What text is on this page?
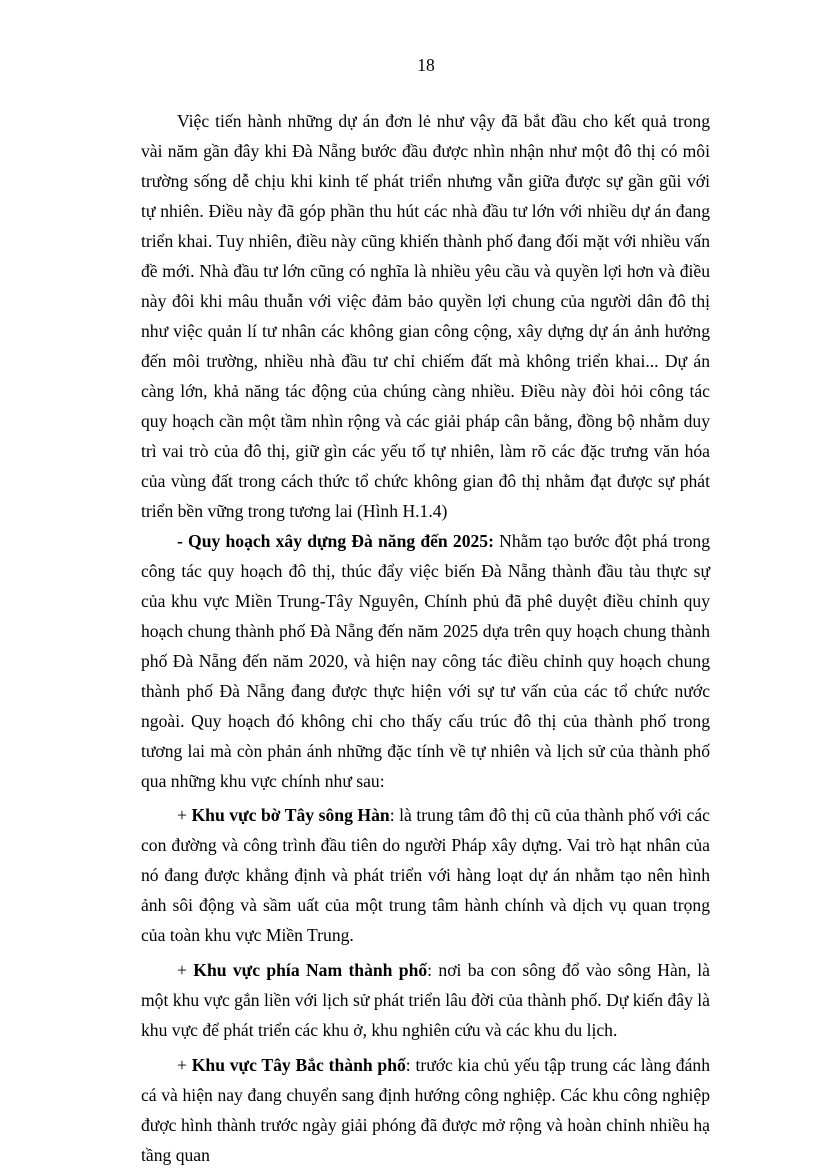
18

Việc tiến hành những dự án đơn lẻ như vậy đã bắt đầu cho kết quả trong vài năm gần đây khi Đà Nẵng bước đầu được nhìn nhận như một đô thị có môi trường sống dễ chịu khi kinh tế phát triển nhưng vẫn giữa được sự gần gũi với tự nhiên. Điều này đã góp phần thu hút các nhà đầu tư lớn với nhiều dự án đang triển khai. Tuy nhiên, điều này cũng khiến thành phố đang đối mặt với nhiều vấn đề mới. Nhà đầu tư lớn cũng có nghĩa là nhiều yêu cầu và quyền lợi hơn và điều này đôi khi mâu thuẫn với việc đảm bảo quyền lợi chung của người dân đô thị như việc quản lí tư nhân các không gian công cộng, xây dựng dự án ảnh hưởng đến môi trường, nhiều nhà đầu tư chỉ chiếm đất mà không triển khai... Dự án càng lớn, khả năng tác động của chúng càng nhiều. Điều này đòi hỏi công tác quy hoạch cần một tầm nhìn rộng và các giải pháp cân bằng, đồng bộ nhằm duy trì vai trò của đô thị, giữ gìn các yếu tố tự nhiên, làm rõ các đặc trưng văn hóa của vùng đất trong cách thức tổ chức không gian đô thị nhằm đạt được sự phát triển bền vững trong tương lai (Hình H.1.4)

- Quy hoạch xây dựng Đà năng đến 2025: Nhằm tạo bước đột phá trong công tác quy hoạch đô thị, thúc đẩy việc biến Đà Nẵng thành đầu tàu thực sự của khu vực Miền Trung-Tây Nguyên, Chính phủ đã phê duyệt điều chỉnh quy hoạch chung thành phố Đà Nẵng đến năm 2025 dựa trên quy hoạch chung thành phố Đà Nẵng đến năm 2020, và hiện nay công tác điều chỉnh quy hoạch chung thành phố Đà Nẵng đang được thực hiện với sự tư vấn của các tổ chức nước ngoài. Quy hoạch đó không chỉ cho thấy cấu trúc đô thị của thành phố trong tương lai mà còn phản ánh những đặc tính về tự nhiên và lịch sử của thành phố qua những khu vực chính như sau:

+ Khu vực bờ Tây sông Hàn: là trung tâm đô thị cũ của thành phố với các con đường và công trình đầu tiên do người Pháp xây dựng. Vai trò hạt nhân của nó đang được khẳng định và phát triển với hàng loạt dự án nhằm tạo nên hình ảnh sôi động và sầm uất của một trung tâm hành chính và dịch vụ quan trọng của toàn khu vực Miền Trung.

+ Khu vực phía Nam thành phố: nơi ba con sông đổ vào sông Hàn, là một khu vực gắn liền với lịch sử phát triển lâu đời của thành phố. Dự kiến đây là khu vực để phát triển các khu ở, khu nghiên cứu và các khu du lịch.

+ Khu vực Tây Bắc thành phố: trước kia chủ yếu tập trung các làng đánh cá và hiện nay đang chuyển sang định hướng công nghiệp. Các khu công nghiệp được hình thành trước ngày giải phóng đã được mở rộng và hoàn chỉnh nhiều hạ tầng quan
